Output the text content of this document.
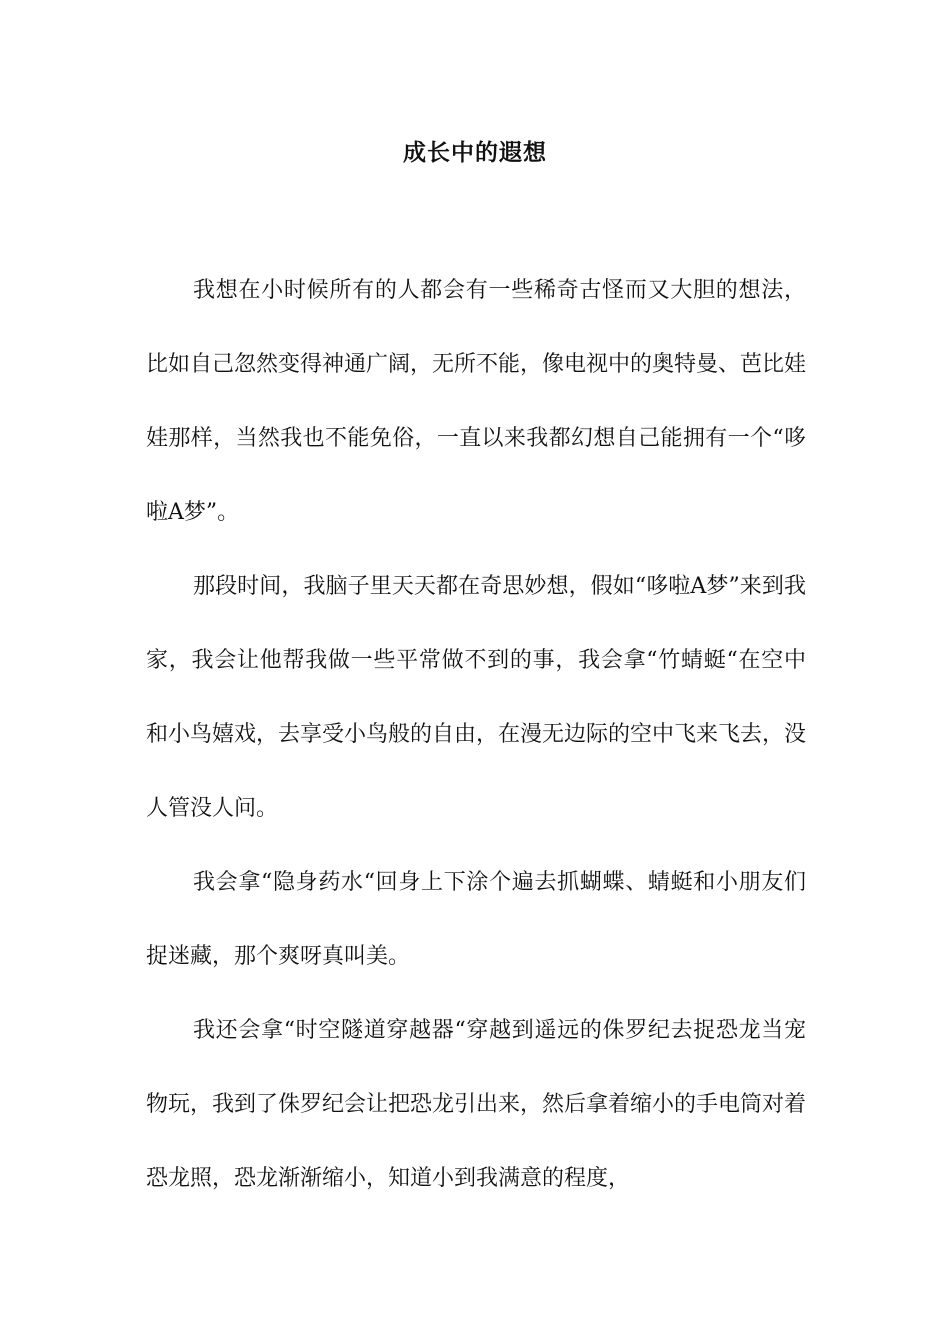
成长中的遐想

我想在小时候所有的人都会有一些稀奇古怪而又大胆的想法，比如自己忽然变得神通广阔，无所不能，像电视中的奥特曼、芭比娃娃那样，当然我也不能免俗，一直以来我都幻想自己能拥有一个“哆啦A梦”。

那段时间，我脑子里天天都在奇思妙想，假如“哆啦A梦”来到我家，我会让他帮我做一些平常做不到的事，我会拿“竹蜻蜓“在空中和小鸟嬉戏，去享受小鸟般的自由，在漫无边际的空中飞来飞去，没人管没人问。

我会拿“隐身药水“回身上下涂个遍去抓蝴蝶、蜻蜓和小朋友们捉迷藏，那个爽呀真叫美。

我还会拿“时空隧道穿越器“穿越到遥远的侏罗纪去捉恐龙当宠物玩，我到了侏罗纪会让把恐龙引出来，然后拿着缩小的手电筒对着恐龙照，恐龙渐渐缩小，知道小到我满意的程度，
